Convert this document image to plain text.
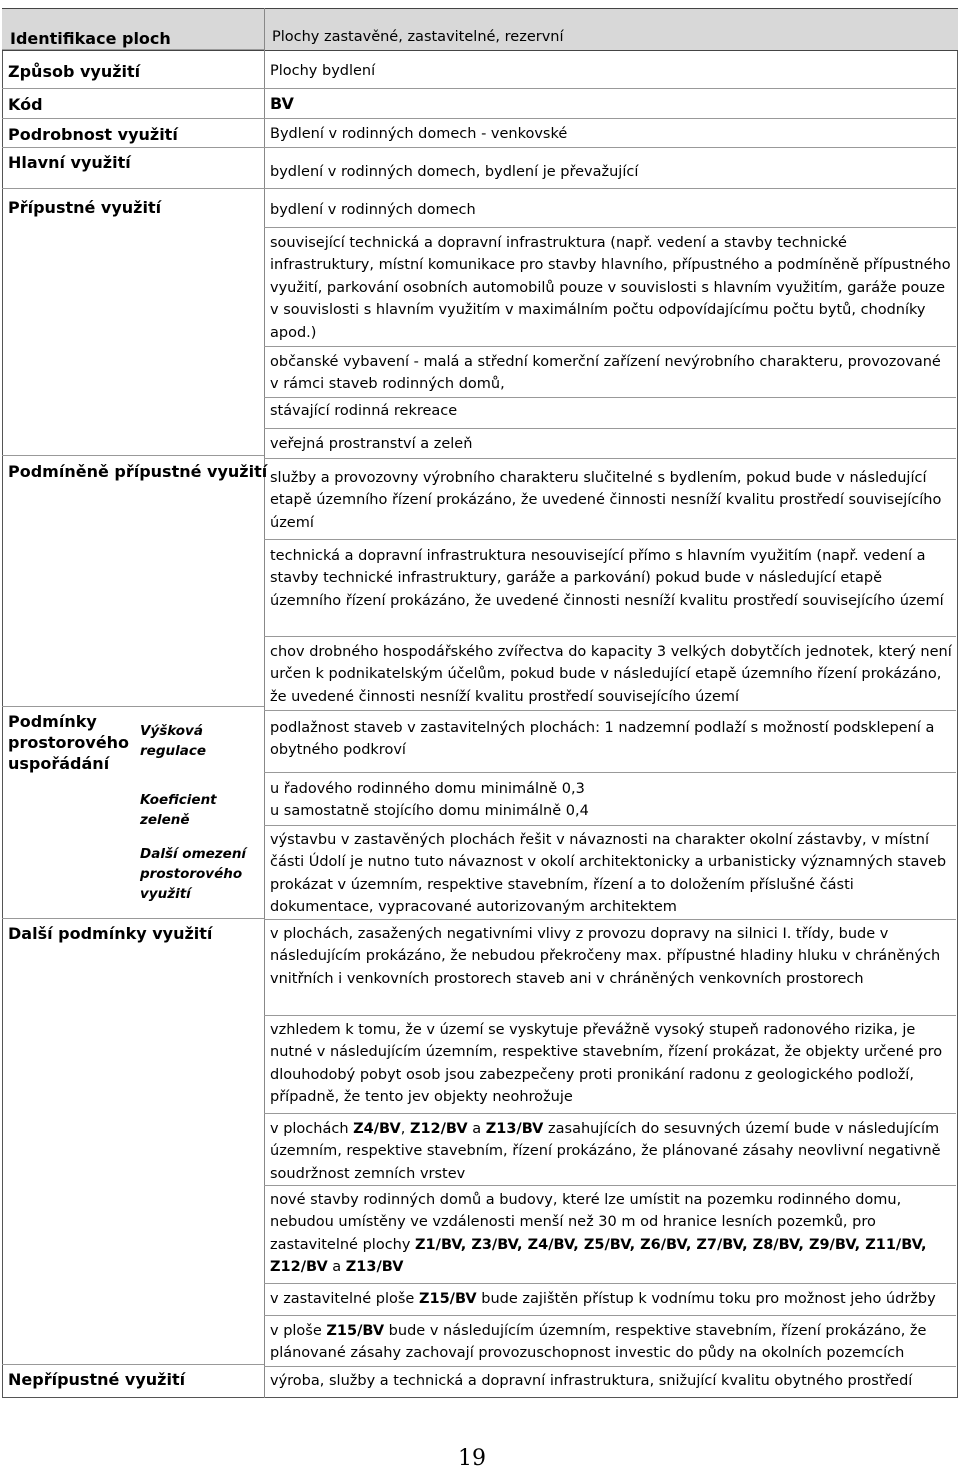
Identifikace ploch	Plochy zastavěné, zastavitelné, rezervní
Způsob využití
Kód
Podrobnost využití
Hlavní využití
Přípustné využití
Podmíněně přípustné využití
Podmínky prostorového uspořádání
Výšková regulace
Koeficient zeleně
Další omezení prostorového využití
Další podmínky využití
Nepřípustné využití
Plochy bydlení
BV
Bydlení v rodinných domech - venkovské
bydlení v rodinných domech, bydlení je převažující
bydlení v rodinných domech
související technická a dopravní infrastruktura (např. vedení a stavby technické infrastruktury, místní komunikace pro stavby hlavního, přípustného a podmíněně přípustného využití, parkování osobních automobilů pouze v souvislosti s hlavním využitím, garáže pouze v souvislosti s hlavním využitím v maximálním počtu odpovídajícímu počtu bytů, chodníky apod.)
občanské vybavení - malá a střední komerční zařízení nevýrobního charakteru, provozované v rámci staveb rodinných domů,
stávající rodinná rekreace
veřejná prostranství a zeleň
služby a provozovny výrobního charakteru slučitelné s bydlením, pokud bude v následující etapě územního řízení prokázáno, že uvedené činnosti nesníží kvalitu prostředí souvisejícího území
technická a dopravní infrastruktura nesouvisející přímo s hlavním využitím (např. vedení a stavby technické infrastruktury, garáže a parkování) pokud bude v následující etapě územního řízení prokázáno, že uvedené činnosti nesníží kvalitu prostředí souvisejícího území
chov drobného hospodářského zvířectva do kapacity 3 velkých dobytčích jednotek, který není určen k podnikatelským účelům, pokud bude v následující etapě územního řízení prokázáno, že uvedené činnosti nesníží kvalitu prostředí souvisejícího území
podlažnost staveb v zastavitelných plochách: 1 nadzemní podlaží s možností podsklepení a obytného podkroví
u řadového rodinného domu minimálně 0,3
u samostatně stojícího domu minimálně 0,4
výstavbu v zastavěných plochách řešit v návaznosti na charakter okolní zástavby, v místní části Údolí je nutno tuto návaznost v okolí architektonicky a urbanisticky významných staveb prokázat v územním, respektive stavebním, řízení a to doložením příslušné části dokumentace, vypracované autorizovaným architektem
v plochách, zasažených negativními vlivy z provozu dopravy na silnici I. třídy, bude v následujícím prokázáno, že nebudou překročeny max. přípustné hladiny hluku v chráněných vnitřních i venkovních prostorech staveb ani v chráněných venkovních prostorech
vzhledem k tomu, že v území se vyskytuje převážně vysoký stupeň radonového rizika, je nutné v následujícím územním, respektive stavebním, řízení prokázat, že objekty určené pro dlouhodobý pobyt osob jsou zabezpečeny proti pronikání radonu z geologického podloží, případně, že tento jev objekty neohrožuje
v plochách Z4/BV, Z12/BV a Z13/BV zasahujících do sesuvných území bude v následujícím územním, respektive stavebním, řízení prokázáno, že plánované zásahy neovlivní negativně soudržnost zemních vrstev
nové stavby rodinných domů a budovy, které lze umístit na pozemku rodinného domu, nebudou umístěny ve vzdálenosti menší než 30 m od hranice lesních pozemků, pro zastavitelné plochy Z1/BV, Z3/BV, Z4/BV, Z5/BV, Z6/BV, Z7/BV, Z8/BV, Z9/BV, Z11/BV, Z12/BV a Z13/BV
v zastavitelné ploše Z15/BV bude zajištěn přístup k vodnímu toku pro možnost jeho údržby
v ploše Z15/BV bude v následujícím územním, respektive stavebním, řízení prokázáno, že plánované zásahy zachovají provozuschopnost investic do půdy na okolních pozemcích
výroba, služby a technická a dopravní infrastruktura, snižující kvalitu obytného prostředí
19
